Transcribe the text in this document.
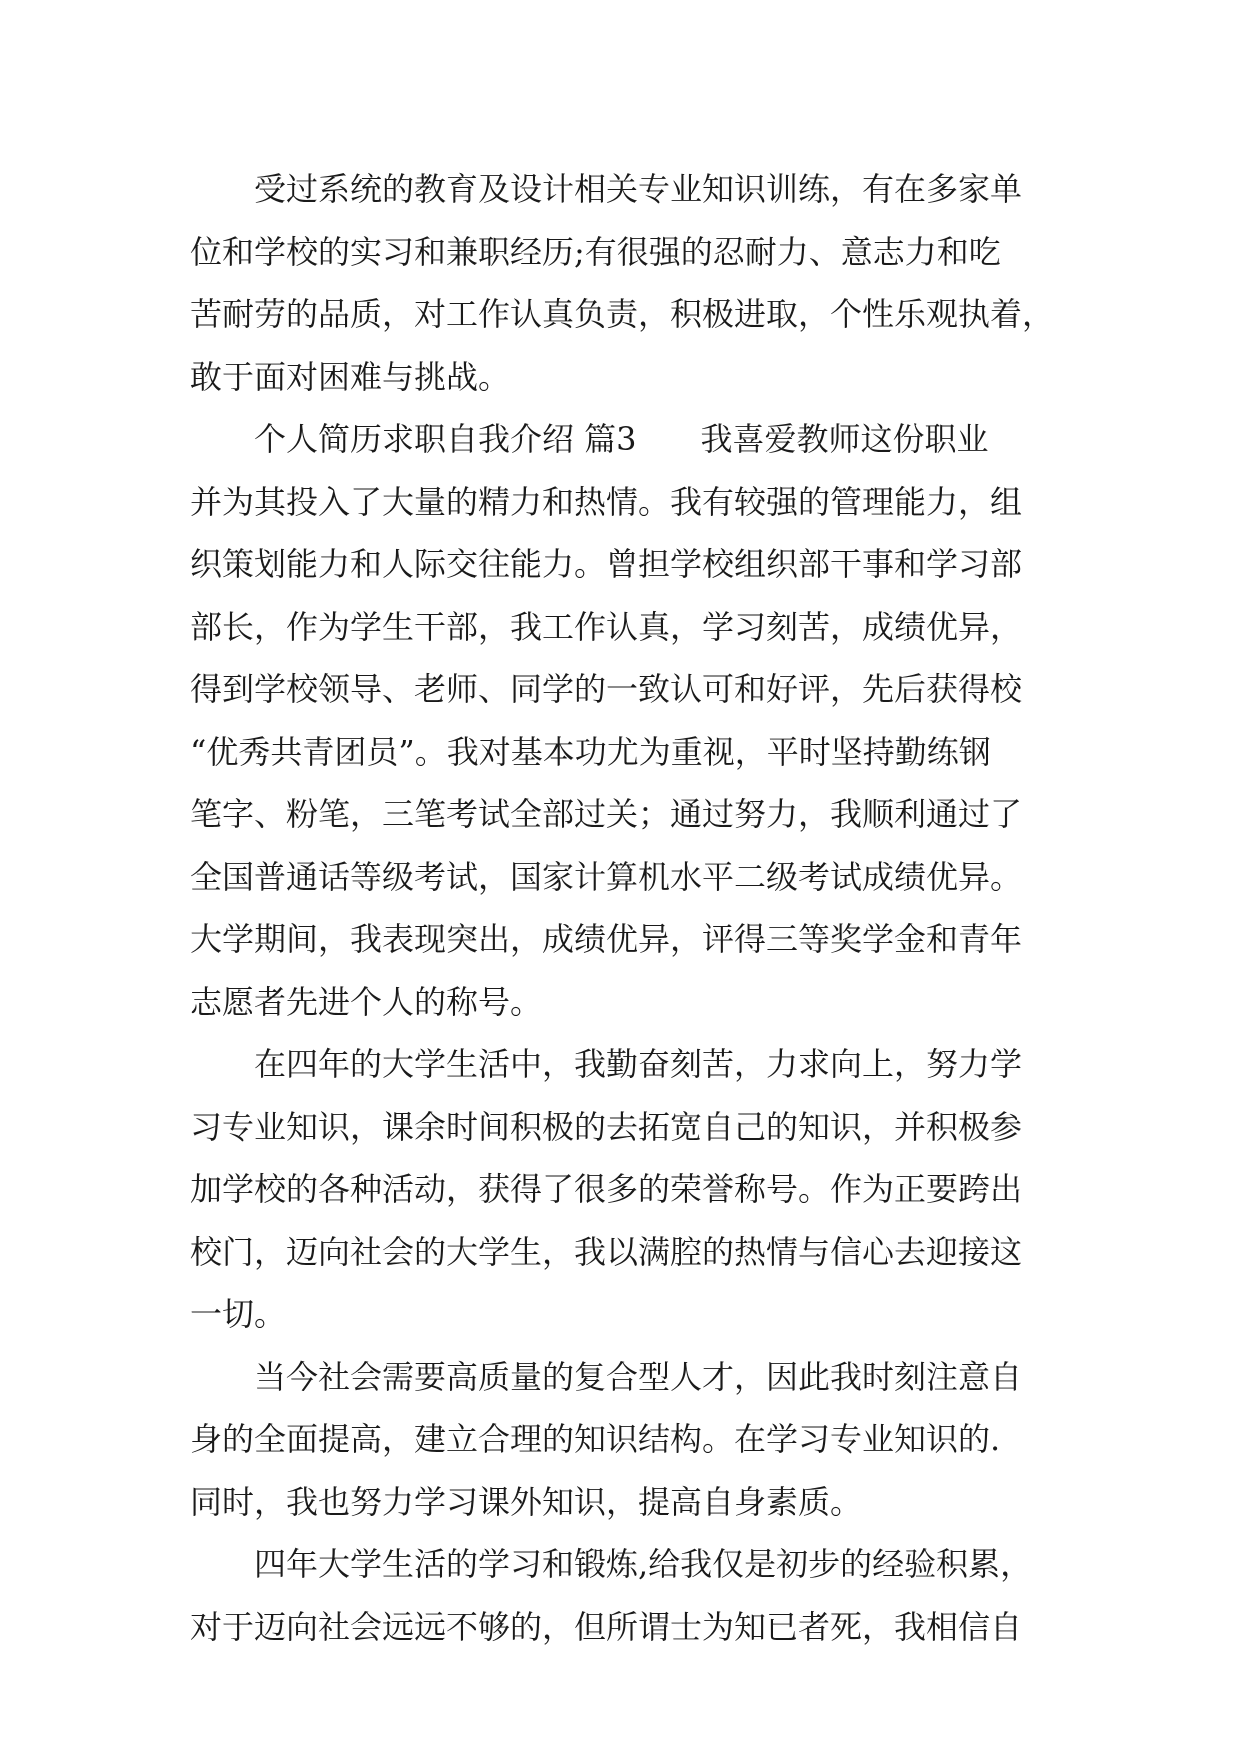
受过系统的教育及设计相关专业知识训练，有在多家单
位和学校的实习和兼职经历;有很强的忍耐力、意志力和吃
苦耐劳的品质，对工作认真负责，积极进取，个性乐观执着，
敢于面对困难与挑战。
个人简历求职自我介绍 篇3　　我喜爱教师这份职业
并为其投入了大量的精力和热情。我有较强的管理能力，组
织策划能力和人际交往能力。曾担学校组织部干事和学习部
部长，作为学生干部，我工作认真，学习刻苦，成绩优异，
得到学校领导、老师、同学的一致认可和好评，先后获得校
“优秀共青团员”。我对基本功尤为重视，平时坚持勤练钢
笔字、粉笔，三笔考试全部过关；通过努力，我顺利通过了
全国普通话等级考试，国家计算机水平二级考试成绩优异。
大学期间，我表现突出，成绩优异，评得三等奖学金和青年
志愿者先进个人的称号。
在四年的大学生活中，我勤奋刻苦，力求向上，努力学
习专业知识，课余时间积极的去拓宽自己的知识，并积极参
加学校的各种活动，获得了很多的荣誉称号。作为正要跨出
校门，迈向社会的大学生，我以满腔的热情与信心去迎接这
一切。
当今社会需要高质量的复合型人才，因此我时刻注意自
身的全面提高，建立合理的知识结构。在学习专业知识的.
同时，我也努力学习课外知识，提高自身素质。
四年大学生活的学习和锻炼,给我仅是初步的经验积累，
对于迈向社会远远不够的，但所谓士为知已者死，我相信自
